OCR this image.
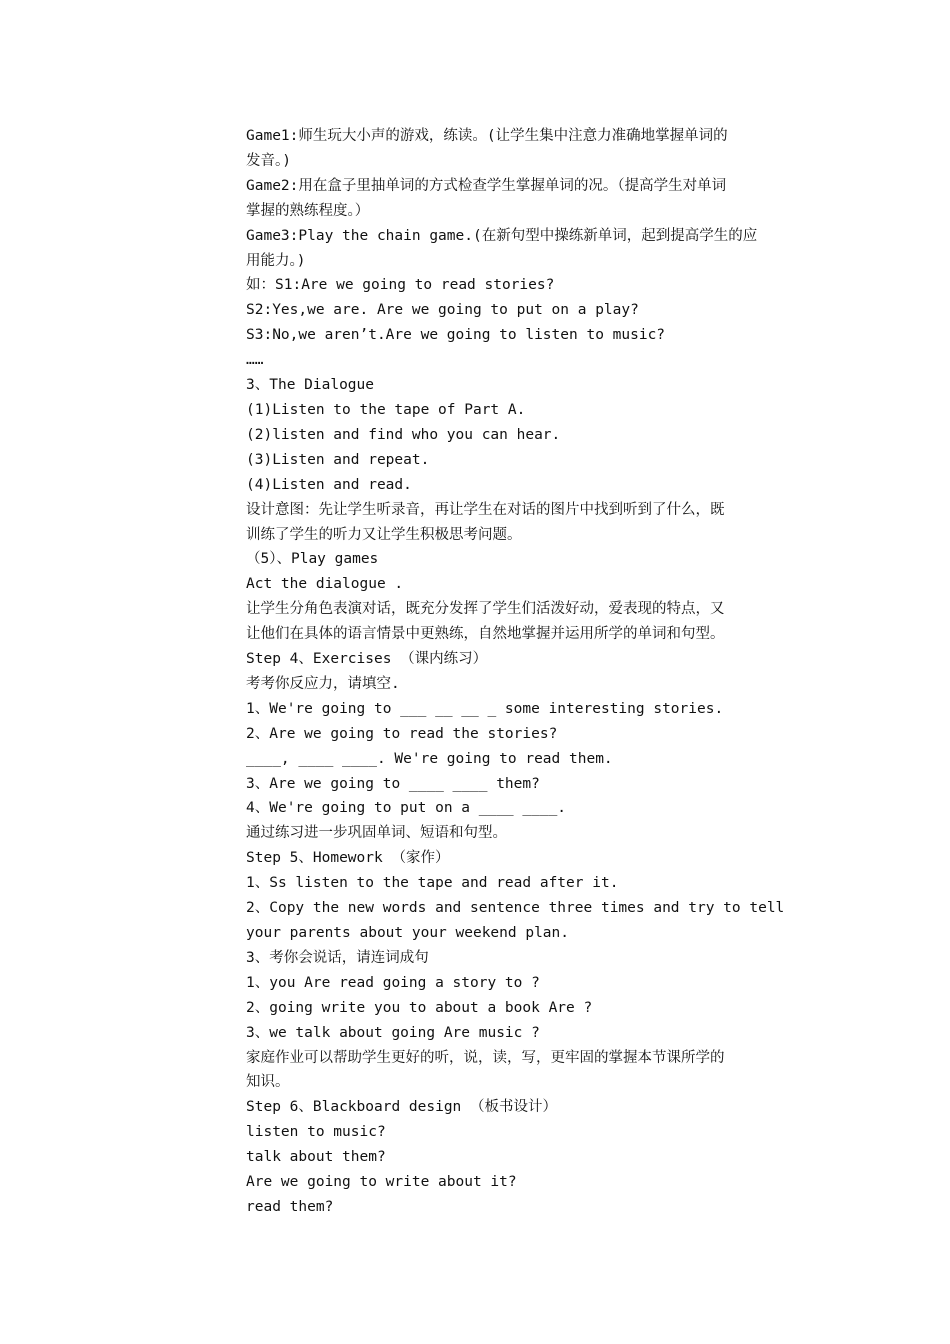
Game1:师生玩大小声的游戏，练读。(让学生集中注意力准确地掌握单词的

发音。)

Game2:用在盒子里抽单词的方式检查学生掌握单词的况。（提高学生对单词

掌握的熟练程度。）

Game3:Play the chain game.(在新句型中操练新单词，起到提高学生的应

用能力。)

如：S1:Are we going to read stories?

S2:Yes,we are. Are we going to put on a play?

S3:No,we aren’t.Are we going to listen to music?

……

3、The Dialogue

(1)Listen to the tape of Part A.

(2)listen and find who you can hear.

(3)Listen and repeat.

(4)Listen and read.

设计意图：先让学生听录音，再让学生在对话的图片中找到听到了什么，既

训练了学生的听力又让学生积极思考问题。

（5）、Play games

Act the dialogue .

让学生分角色表演对话，既充分发挥了学生们活泼好动，爱表现的特点，又

让他们在具体的语言情景中更熟练，自然地掌握并运用所学的单词和句型。

Step 4、Exercises （课内练习）

考考你反应力，请填空.

1、We're going to ___ __ __ _ some interesting stories.

2、Are we going to read the stories?

____, ____ ____. We're going to read them.

3、Are we going to ____ ____ them?

4、We're going to put on a ____ ____.

通过练习进一步巩固单词、短语和句型。

Step 5、Homework （家作）

1、Ss listen to the tape and read after it.

2、Copy the new words and sentence three times and try to tell

your parents about your weekend plan.

3、考你会说话，请连词成句

1、you Are read going a story to ?

2、going write you to about a book Are ?

3、we talk about going Are music ?

家庭作业可以帮助学生更好的听，说，读，写，更牢固的掌握本节课所学的

知识。

Step 6、Blackboard design （板书设计）

listen to music?

talk about them?

Are we going to write about it?

read them?
